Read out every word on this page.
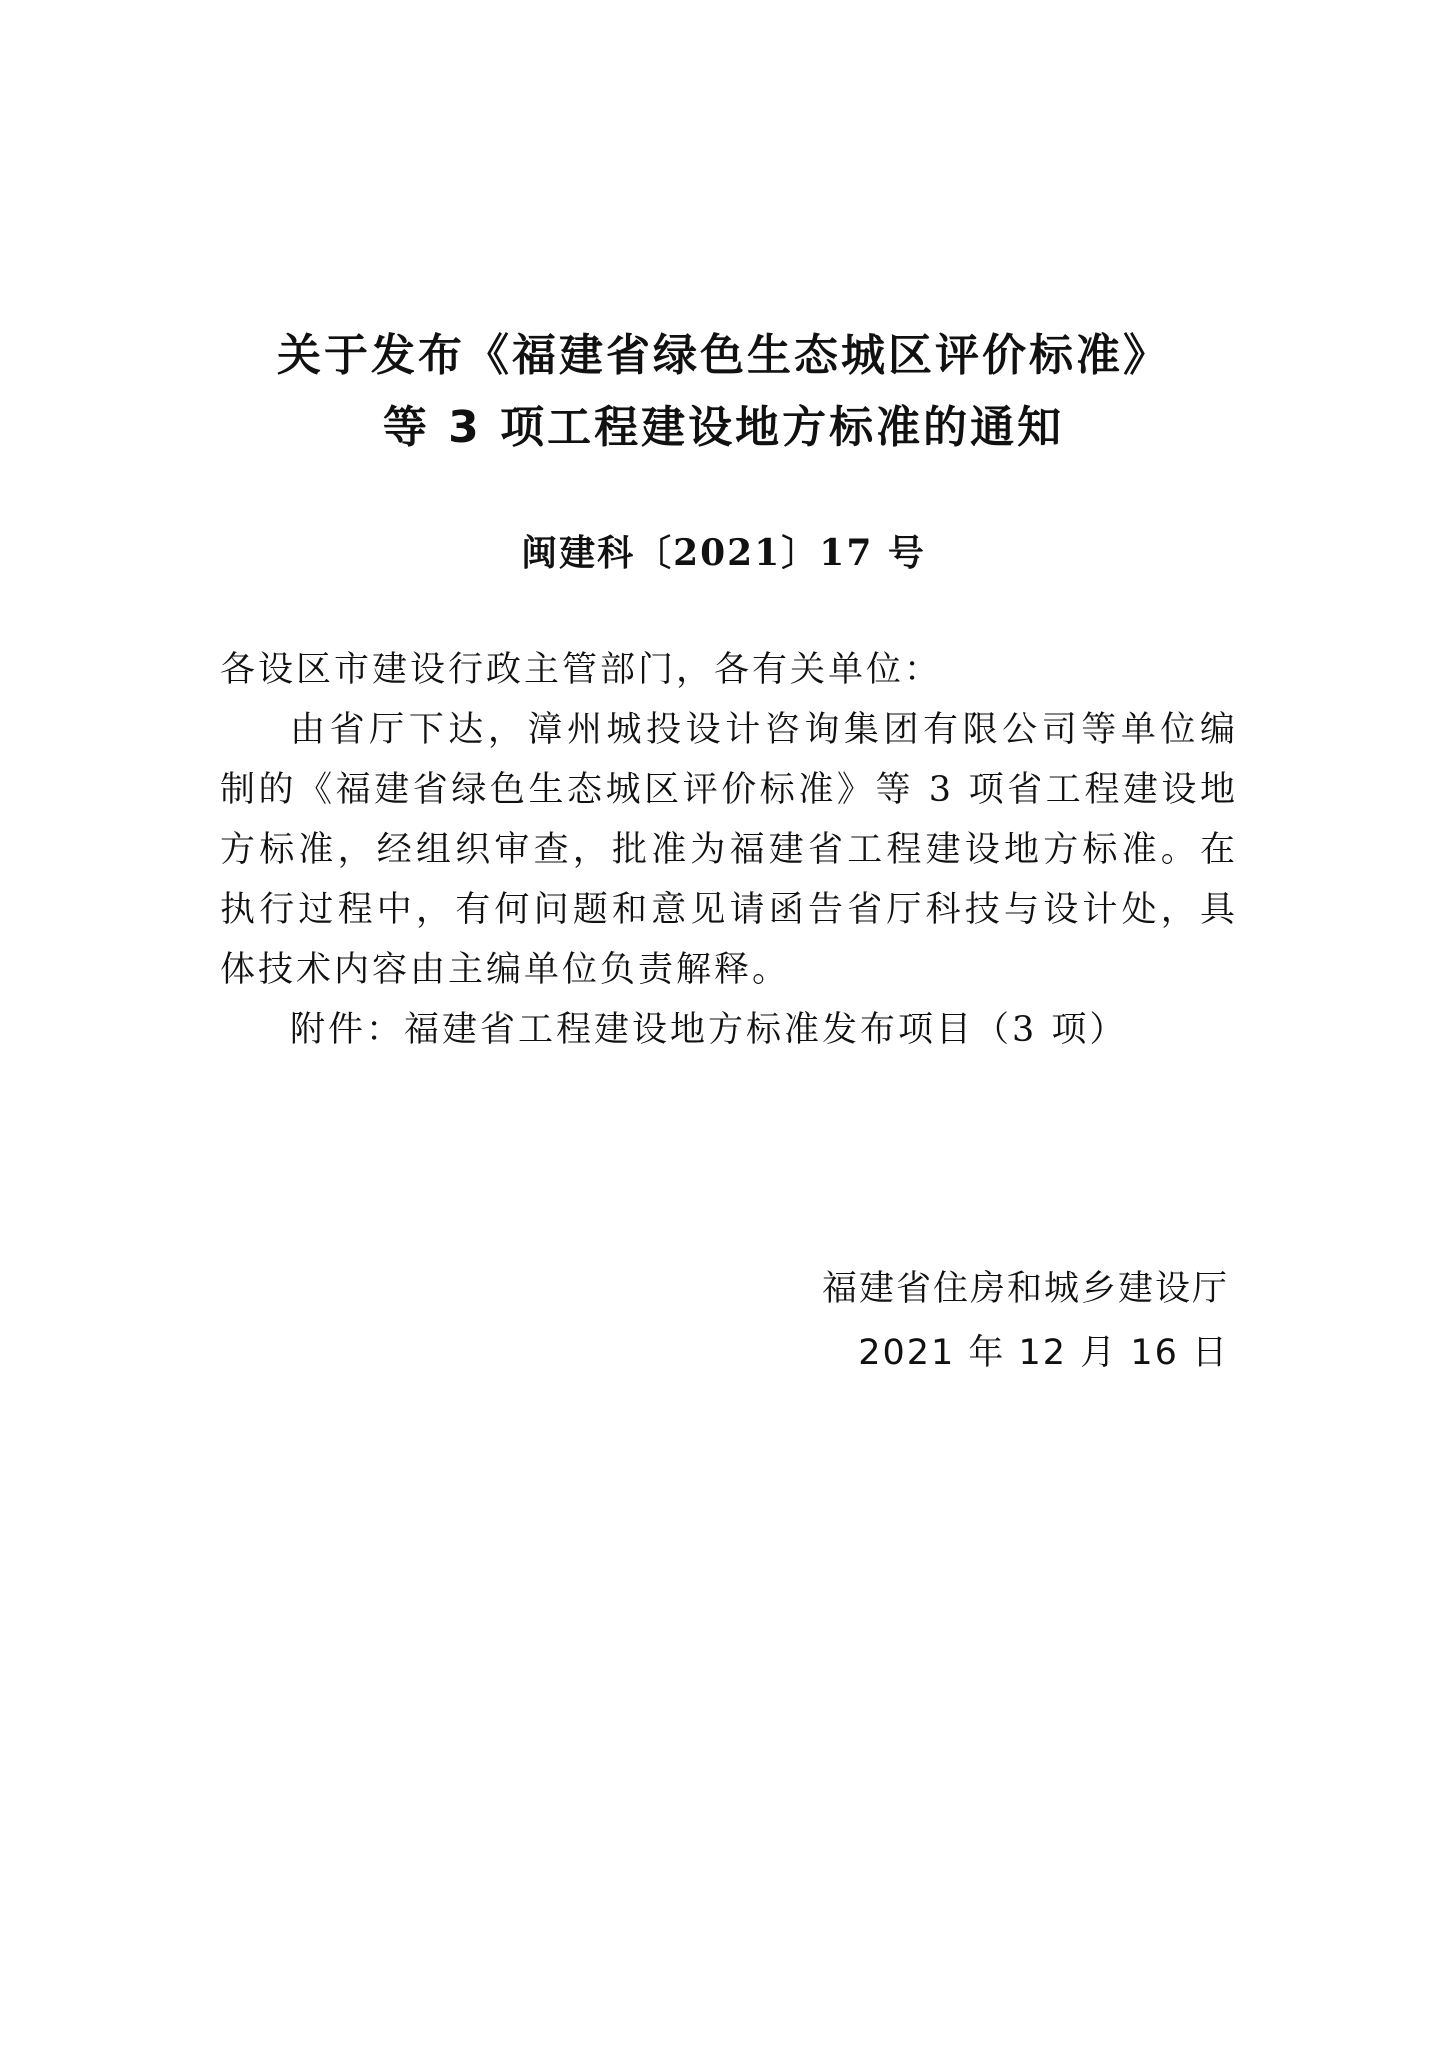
关于发布《福建省绿色生态城区评价标准》
等 3 项工程建设地方标准的通知

闽建科〔2021〕17 号

各设区市建设行政主管部门，各有关单位：

由省厅下达，漳州城投设计咨询集团有限公司等单位编制的《福建省绿色生态城区评价标准》等 3 项省工程建设地方标准，经组织审查，批准为福建省工程建设地方标准。在执行过程中，有何问题和意见请函告省厅科技与设计处，具体技术内容由主编单位负责解释。

附件：福建省工程建设地方标准发布项目（3 项）

福建省住房和城乡建设厅

2021 年 12 月 16 日
